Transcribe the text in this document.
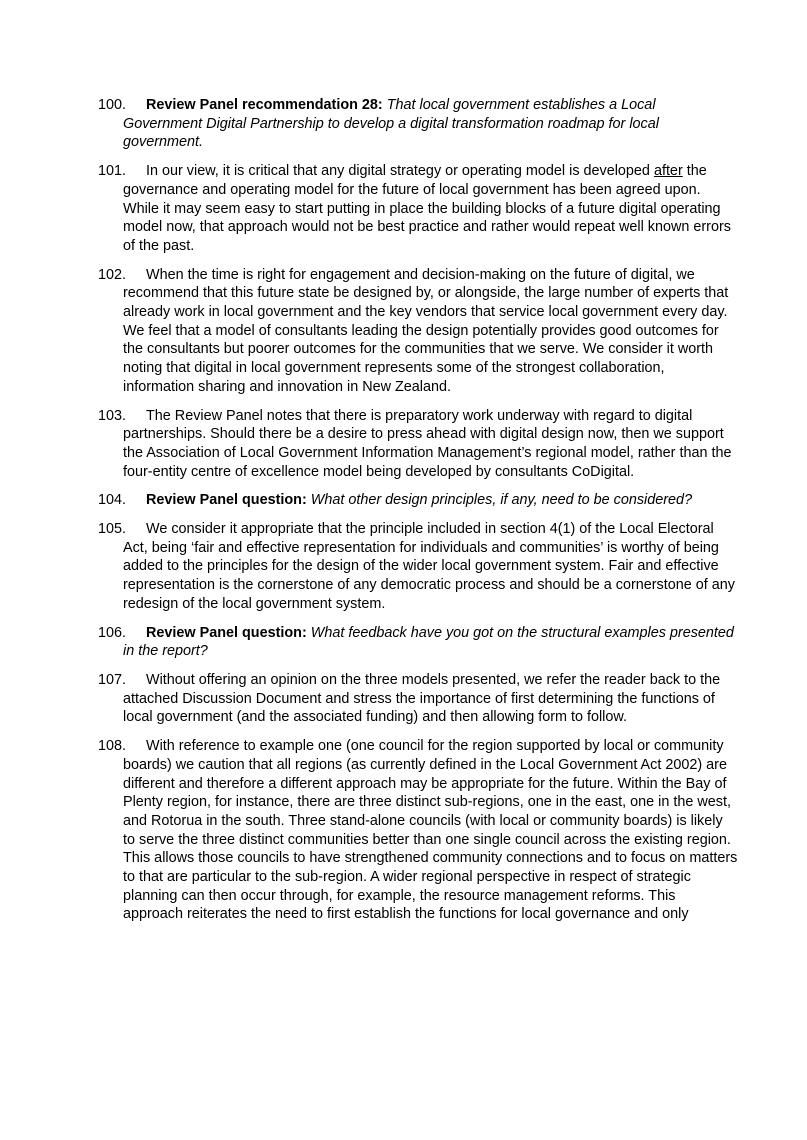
100. Review Panel recommendation 28: That local government establishes a Local Government Digital Partnership to develop a digital transformation roadmap for local government.

101. In our view, it is critical that any digital strategy or operating model is developed after the governance and operating model for the future of local government has been agreed upon. While it may seem easy to start putting in place the building blocks of a future digital operating model now, that approach would not be best practice and rather would repeat well known errors of the past.

102. When the time is right for engagement and decision-making on the future of digital, we recommend that this future state be designed by, or alongside, the large number of experts that already work in local government and the key vendors that service local government every day. We feel that a model of consultants leading the design potentially provides good outcomes for the consultants but poorer outcomes for the communities that we serve. We consider it worth noting that digital in local government represents some of the strongest collaboration, information sharing and innovation in New Zealand.

103. The Review Panel notes that there is preparatory work underway with regard to digital partnerships. Should there be a desire to press ahead with digital design now, then we support the Association of Local Government Information Management’s regional model, rather than the four-entity centre of excellence model being developed by consultants CoDigital.

104. Review Panel question: What other design principles, if any, need to be considered?

105. We consider it appropriate that the principle included in section 4(1) of the Local Electoral Act, being ‘fair and effective representation for individuals and communities’ is worthy of being added to the principles for the design of the wider local government system. Fair and effective representation is the cornerstone of any democratic process and should be a cornerstone of any redesign of the local government system.

106. Review Panel question: What feedback have you got on the structural examples presented in the report?

107. Without offering an opinion on the three models presented, we refer the reader back to the attached Discussion Document and stress the importance of first determining the functions of local government (and the associated funding) and then allowing form to follow.

108. With reference to example one (one council for the region supported by local or community boards) we caution that all regions (as currently defined in the Local Government Act 2002) are different and therefore a different approach may be appropriate for the future. Within the Bay of Plenty region, for instance, there are three distinct sub-regions, one in the east, one in the west, and Rotorua in the south. Three stand-alone councils (with local or community boards) is likely to serve the three distinct communities better than one single council across the existing region. This allows those councils to have strengthened community connections and to focus on matters to that are particular to the sub-region. A wider regional perspective in respect of strategic planning can then occur through, for example, the resource management reforms. This approach reiterates the need to first establish the functions for local governance and only
